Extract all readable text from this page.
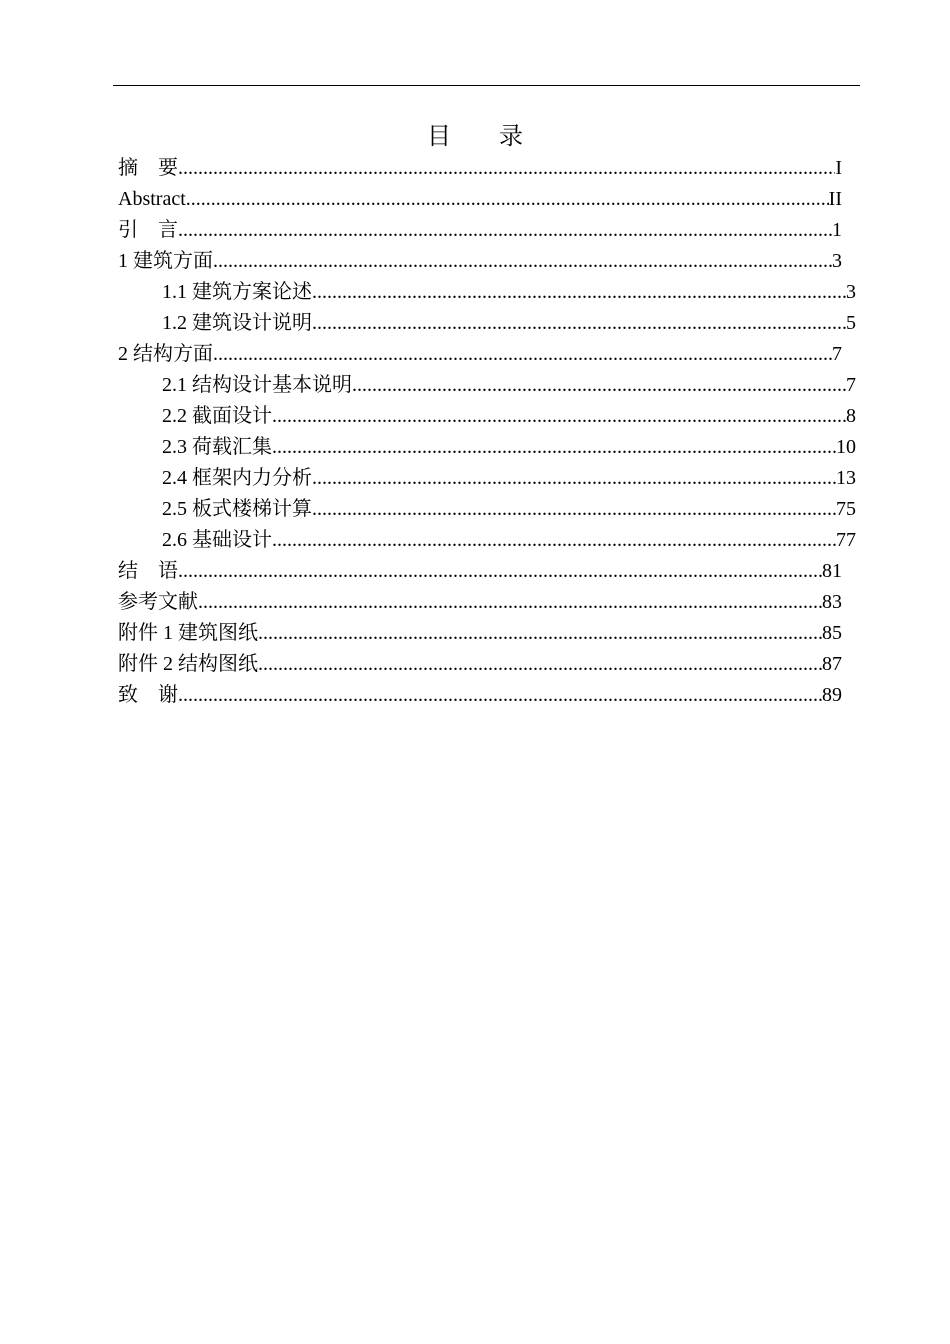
目　　录
摘　要 .....	I
Abstract .....	II
引　言 .....	1
1 建筑方面 .....	3
1.1 建筑方案论述 .....	3
1.2 建筑设计说明 .....	5
2 结构方面 .....	7
2.1 结构设计基本说明 .....	7
2.2 截面设计 .....	8
2.3 荷载汇集 .....	10
2.4 框架内力分析 .....	13
2.5 板式楼梯计算 .....	75
2.6 基础设计 .....	77
结　语 .....	81
参考文献 .....	83
附件 1 建筑图纸 .....	85
附件 2 结构图纸 .....	87
致　谢 .....	89
